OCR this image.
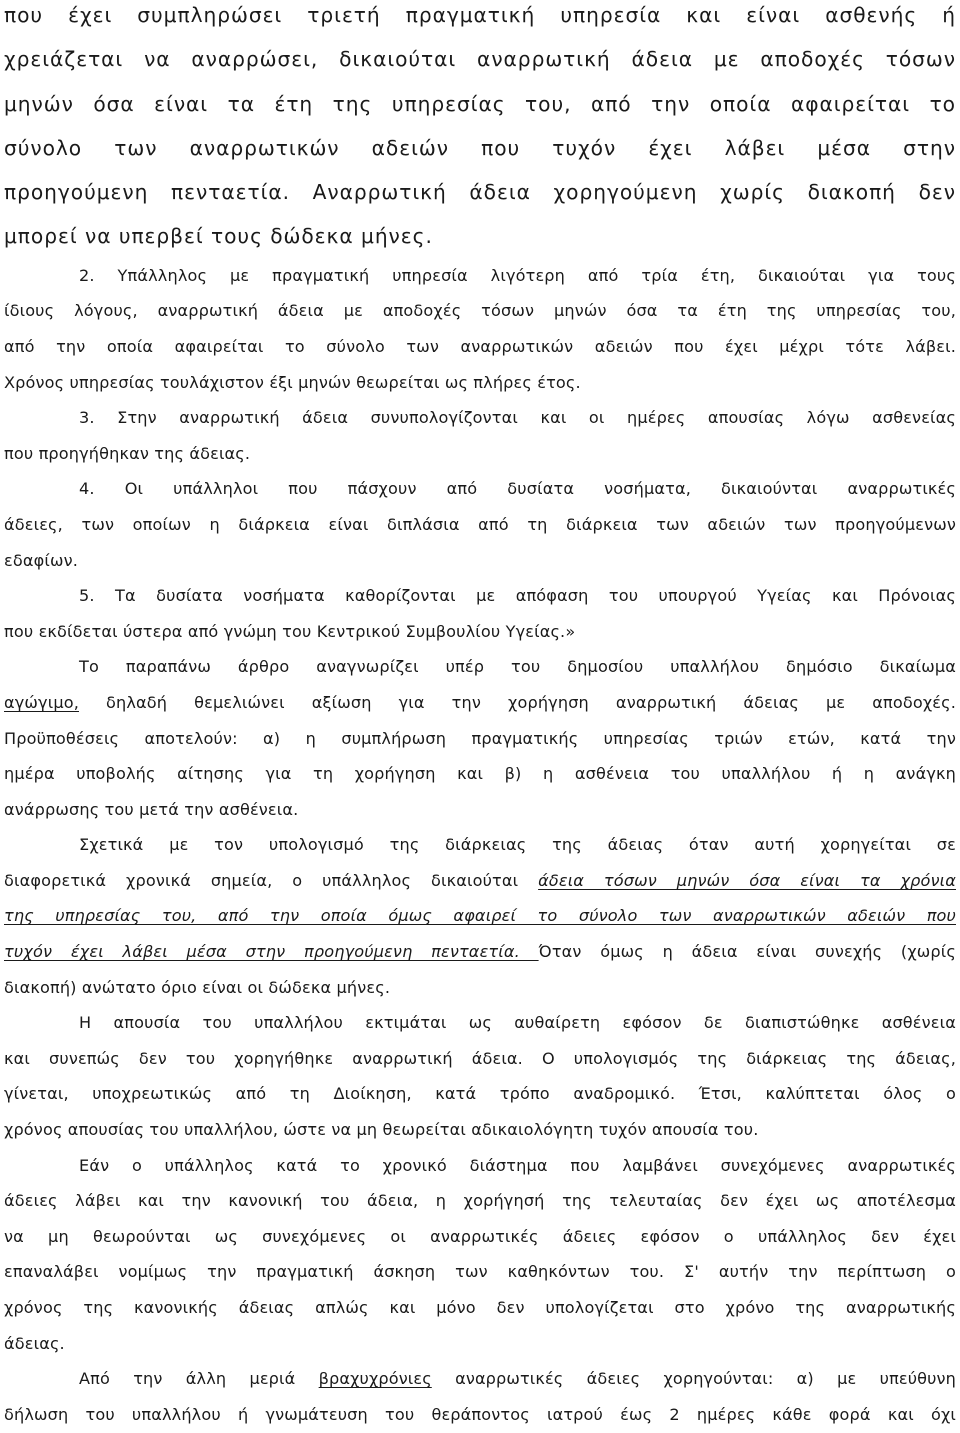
που έχει συμπληρώσει τριετή πραγματική υπηρεσία και είναι ασθενής ή
χρειάζεται να αναρρώσει, δικαιούται αναρρωτική άδεια με αποδοχές τόσων
μηνών όσα είναι τα έτη της υπηρεσίας του, από την οποία αφαιρείται το
σύνολο των αναρρωτικών αδειών που τυχόν έχει λάβει μέσα στην
προηγούμενη πενταετία. Αναρρωτική άδεια χορηγούμενη χωρίς διακοπή δεν
μπορεί να υπερβεί τους δώδεκα μήνες.
2. Υπάλληλος με πραγματική υπηρεσία λιγότερη από τρία έτη, δικαιούται για τους
ίδιους λόγους, αναρρωτική άδεια με αποδοχές τόσων μηνών όσα τα έτη της υπηρεσίας του,
από την οποία αφαιρείται το σύνολο των αναρρωτικών αδειών που έχει μέχρι τότε λάβει.
Χρόνος υπηρεσίας τουλάχιστον έξι μηνών θεωρείται ως πλήρες έτος.
3. Στην αναρρωτική άδεια συνυπολογίζονται και οι ημέρες απουσίας λόγω ασθενείας
που προηγήθηκαν της άδειας.
4. Οι υπάλληλοι που πάσχουν από δυσίατα νοσήματα, δικαιούνται αναρρωτικές
άδειες, των οποίων η διάρκεια είναι διπλάσια από τη διάρκεια των αδειών των προηγούμενων
εδαφίων.
5. Τα δυσίατα νοσήματα καθορίζονται με απόφαση του υπουργού Υγείας και Πρόνοιας
που εκδίδεται ύστερα από γνώμη του Κεντρικού Συμβουλίου Υγείας.»
Το παραπάνω άρθρο αναγνωρίζει υπέρ του δημοσίου υπαλλήλου δημόσιο δικαίωμα
αγώγιμο, δηλαδή θεμελιώνει αξίωση για την χορήγηση αναρρωτική άδειας με αποδοχές.
Προϋποθέσεις αποτελούν: α) η συμπλήρωση πραγματικής υπηρεσίας τριών ετών, κατά την
ημέρα υποβολής αίτησης για τη χορήγηση και β) η ασθένεια του υπαλλήλου ή η ανάγκη
ανάρρωσης του μετά την ασθένεια.
Σχετικά με τον υπολογισμό της διάρκειας της άδειας όταν αυτή χορηγείται σε
διαφορετικά χρονικά σημεία, ο υπάλληλος δικαιούται άδεια τόσων μηνών όσα είναι τα χρόνια
της υπηρεσίας του, από την οποία όμως αφαιρεί το σύνολο των αναρρωτικών αδειών που
τυχόν έχει λάβει μέσα στην προηγούμενη πενταετία. Όταν όμως η άδεια είναι συνεχής (χωρίς
διακοπή) ανώτατο όριο είναι οι δώδεκα μήνες.
Η απουσία του υπαλλήλου εκτιμάται ως αυθαίρετη εφόσον δε διαπιστώθηκε ασθένεια
και συνεπώς δεν του χορηγήθηκε αναρρωτική άδεια. Ο υπολογισμός της διάρκειας της άδειας,
γίνεται, υποχρεωτικώς από τη Διοίκηση, κατά τρόπο αναδρομικό. Έτσι, καλύπτεται όλος ο
χρόνος απουσίας του υπαλλήλου, ώστε να μη θεωρείται αδικαιολόγητη τυχόν απουσία του.
Εάν ο υπάλληλος κατά το χρονικό διάστημα που λαμβάνει συνεχόμενες αναρρωτικές
άδειες λάβει και την κανονική του άδεια, η χορήγησή της τελευταίας δεν έχει ως αποτέλεσμα
να μη θεωρούνται ως συνεχόμενες οι αναρρωτικές άδειες εφόσον ο υπάλληλος δεν έχει
επαναλάβει νομίμως την πραγματική άσκηση των καθηκόντων του. Σ' αυτήν την περίπτωση ο
χρόνος της κανονικής άδειας απλώς και μόνο δεν υπολογίζεται στο χρόνο της αναρρωτικής
άδειας.
Από την άλλη μεριά βραχυχρόνιες αναρρωτικές άδειες χορηγούνται: α) με υπεύθυνη
δήλωση του υπαλλήλου ή γνωμάτευση του θεράποντος ιατρού έως 2 ημέρες κάθε φορά και όχι
